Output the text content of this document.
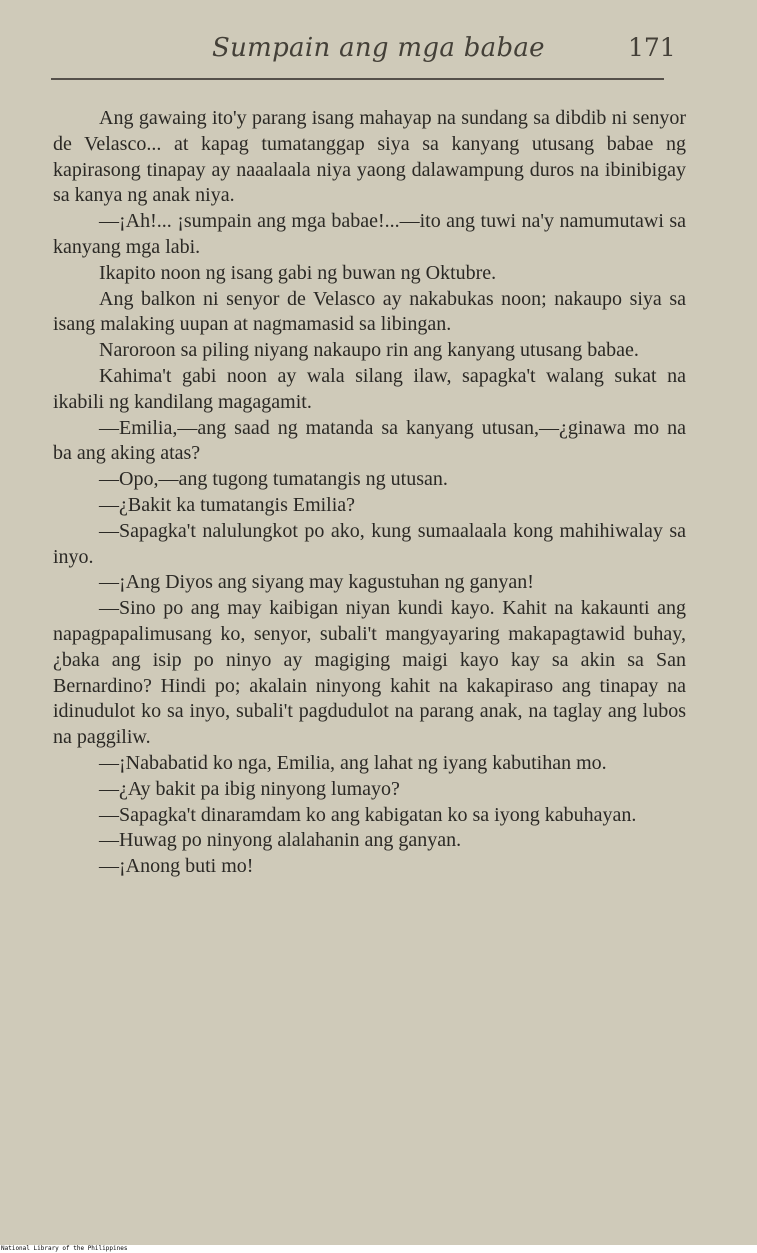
Sumpain ang mga babae	171

Ang gawaing ito'y parang isang mahayap na sundang sa dibdib ni senyor de Velasco... at kapag tumatanggap siya sa kanyang utusang babae ng kapirasong tinapay ay naaalaala niya yaong dalawampung duros na ibinibigay sa kanya ng anak niya.

—¡Ah!... ¡sumpain ang mga babae!...—ito ang tuwi na'y namumutawi sa kanyang mga labi.

Ikapito noon ng isang gabi ng buwan ng Oktubre.

Ang balkon ni senyor de Velasco ay nakabukas noon; nakaupo siya sa isang malaking uupan at nagmamasid sa libingan.

Naroroon sa piling niyang nakaupo rin ang kanyang utusang babae.

Kahima't gabi noon ay wala silang ilaw, sapagka't walang sukat na ikabili ng kandilang magagamit.

—Emilia,—ang saad ng matanda sa kanyang utusan,—¿ginawa mo na ba ang aking atas?

—Opo,—ang tugong tumatangis ng utusan.

—¿Bakit ka tumatangis Emilia?

—Sapagka't nalulungkot po ako, kung sumaalaala kong mahihiwalay sa inyo.

—¡Ang Diyos ang siyang may kagustuhan ng ganyan!

—Sino po ang may kaibigan niyan kundi kayo. Kahit na kakaunti ang napagpapalimusang ko, senyor, subali't mangyayaring makapagtawid buhay, ¿baka ang isip po ninyo ay magiging maigi kayo kay sa akin sa San Bernardino? Hindi po; akalain ninyong kahit na kakapiraso ang tinapay na idinudulot ko sa inyo, subali't pagdudulot na parang anak, na taglay ang lubos na paggiliw.

—¡Nababatid ko nga, Emilia, ang lahat ng iyang kabutihan mo.

—¿Ay bakit pa ibig ninyong lumayo?

—Sapagka't dinaramdam ko ang kabigatan ko sa iyong kabuhayan.

—Huwag po ninyong alalahanin ang ganyan.

—¡Anong buti mo!

National Library of the Philippines
